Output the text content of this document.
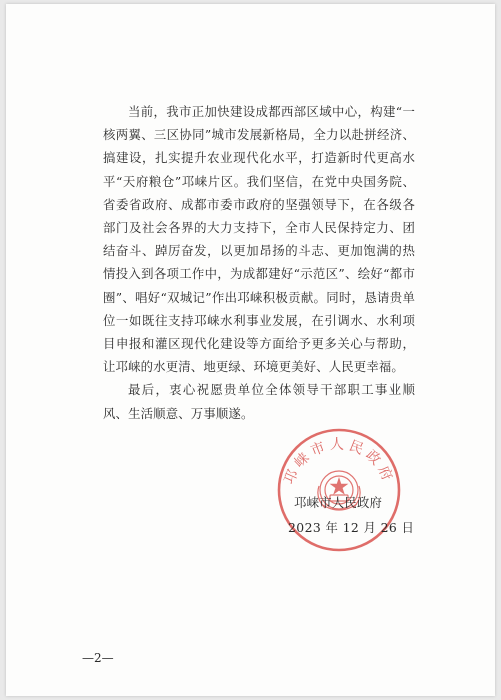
当前，我市正加快建设成都西部区域中心，构建“一核两翼、三区协同”城市发展新格局，全力以赴拼经济、搞建设，扎实提升农业现代化水平，打造新时代更高水平“天府粮仓”邛崃片区。我们坚信，在党中央国务院、省委省政府、成都市委市政府的坚强领导下，在各级各部门及社会各界的大力支持下，全市人民保持定力、团结奋斗、踔厉奋发，以更加昂扬的斗志、更加饱满的热情投入到各项工作中，为成都建好“示范区”、绘好“都市圈”、唱好“双城记”作出邛崃积极贡献。同时，恳请贵单位一如既往支持邛崃水利事业发展，在引调水、水利项目申报和灌区现代化建设等方面给予更多关心与帮助，让邛崃的水更清、地更绿、环境更美好、人民更幸福。

最后，衷心祝愿贵单位全体领导干部职工事业顺风、生活顺意、万事顺遂。

邛崃市人民政府
邛崃市人民政府
2023 年 12 月 26 日
—2—
